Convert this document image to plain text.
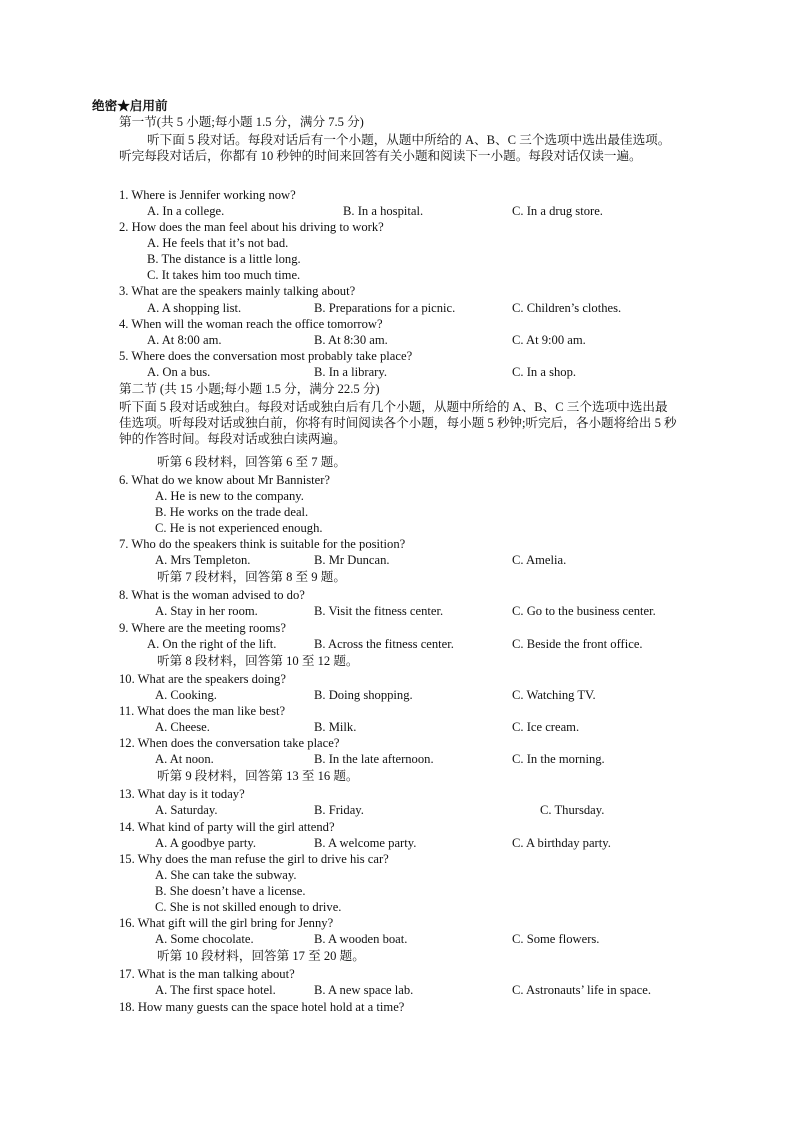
绝密★启用前
第一节(共 5 小题;每小题 1.5 分，满分 7.5 分)
听下面 5 段对话。每段对话后有一个小题，从题中所给的 A、B、C 三个选项中选出最佳选项。听完每段对话后，你都有 10 秒钟的时间来回答有关小题和阅读下一小题。每段对话仅读一遍。
1. Where is Jennifer working now?
A. In a college.	B. In a hospital.	C. In a drug store.
2. How does the man feel about his driving to work?
A. He feels that it’s not bad.
B. The distance is a little long.
C. It takes him too much time.
3. What are the speakers mainly talking about?
A. A shopping list.	B. Preparations for a picnic.	C. Children’s clothes.
4. When will the woman reach the office tomorrow?
A. At 8:00 am.	B. At 8:30 am.	C. At 9:00 am.
5. Where does the conversation most probably take place?
A. On a bus.	B. In a library.	C. In a shop.
第二节 (共 15 小题;每小题 1.5 分，满分 22.5 分)
听下面 5 段对话或独白。每段对话或独白后有几个小题，从题中所给的 A、B、C 三个选项中选出最佳选项。听每段对话或独白前，你将有时间阅读各个小题，每小题 5 秒钟;听完后，各小题将给出 5 秒钟的作答时间。每段对话或独白读两遍。
听第 6 段材料，回答第 6 至 7 题。
6. What do we know about Mr Bannister?
A. He is new to the company.
B. He works on the trade deal.
C. He is not experienced enough.
7. Who do the speakers think is suitable for the position?
A. Mrs Templeton.	B. Mr Duncan.	C. Amelia.
听第 7 段材料，回答第 8 至 9 题。
8. What is the woman advised to do?
A. Stay in her room.	B. Visit the fitness center.	C. Go to the business center.
9. Where are the meeting rooms?
A. On the right of the lift.	B. Across the fitness center.	C. Beside the front office.
听第 8 段材料，回答第 10 至 12 题。
10. What are the speakers doing?
A. Cooking.	B. Doing shopping.	C. Watching TV.
11. What does the man like best?
A. Cheese.	B. Milk.	C. Ice cream.
12. When does the conversation take place?
A. At noon.	B. In the late afternoon.	C. In the morning.
听第 9 段材料，回答第 13 至 16 题。
13. What day is it today?
A. Saturday.	B. Friday.	C. Thursday.
14. What kind of party will the girl attend?
A. A goodbye party.	B. A welcome party.	C. A birthday party.
15. Why does the man refuse the girl to drive his car?
A. She can take the subway.
B. She doesn’t have a license.
C. She is not skilled enough to drive.
16. What gift will the girl bring for Jenny?
A. Some chocolate.	B. A wooden boat.	C. Some flowers.
听第 10 段材料，回答第 17 至 20 题。
17. What is the man talking about?
A. The first space hotel.	B. A new space lab.	C. Astronauts’ life in space.
18. How many guests can the space hotel hold at a time?
